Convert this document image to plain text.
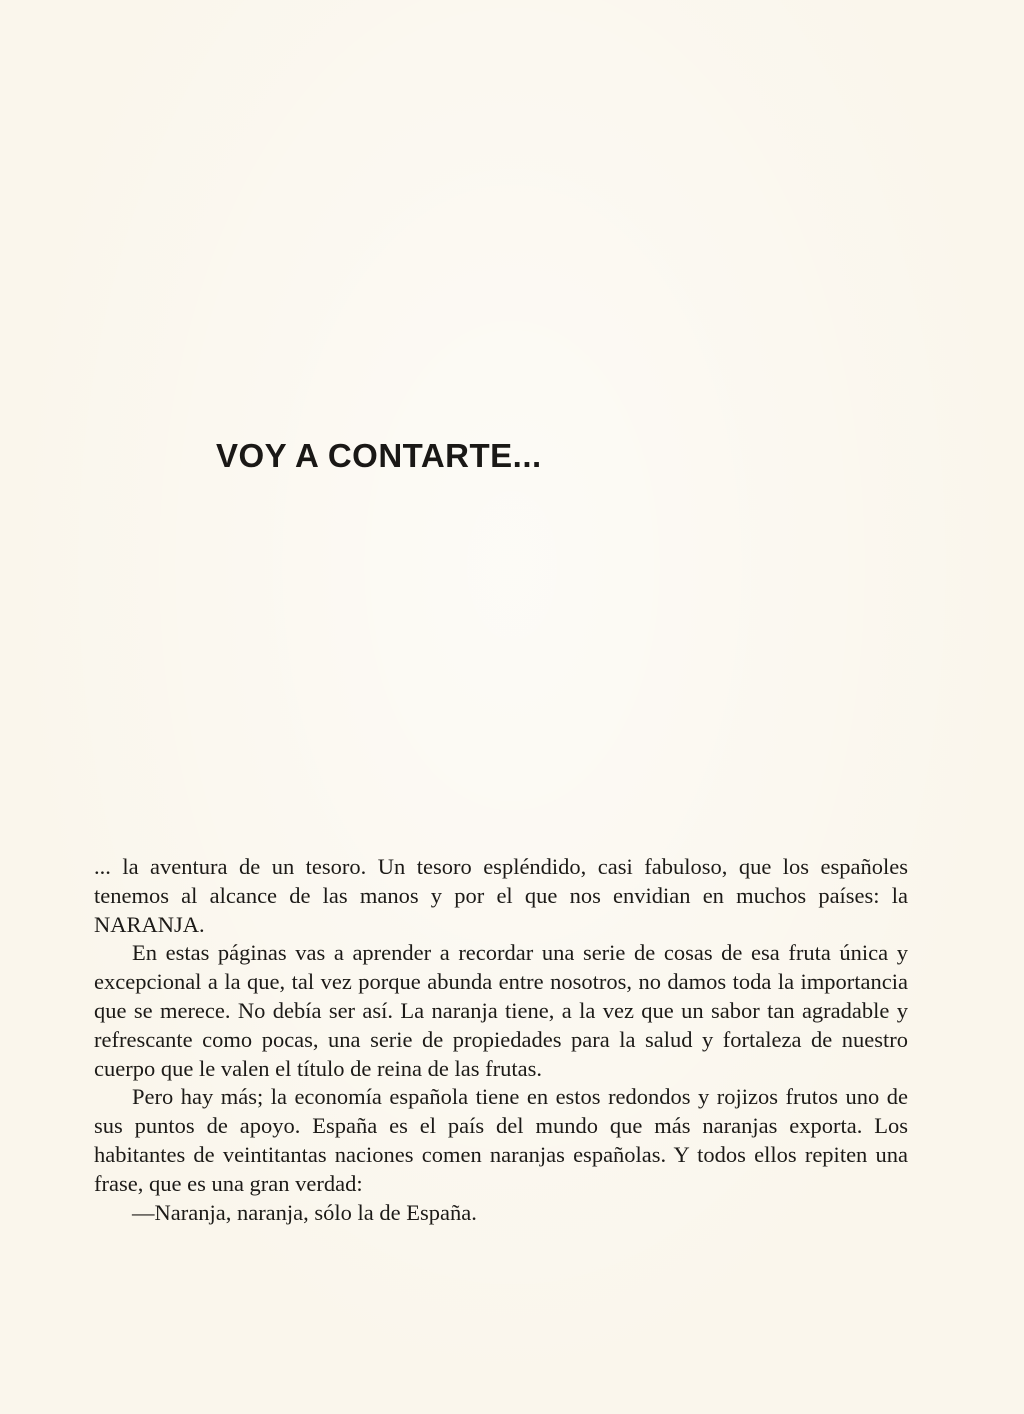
VOY A CONTARTE...

... la aventura de un tesoro. Un tesoro espléndido, casi fabuloso, que los españoles tenemos al alcance de las manos y por el que nos envidian en muchos países: la NARANJA.

En estas páginas vas a aprender a recordar una serie de cosas de esa fruta única y excepcional a la que, tal vez porque abunda entre nosotros, no damos toda la importancia que se merece. No debía ser así. La naranja tiene, a la vez que un sabor tan agradable y refrescante como pocas, una serie de propiedades para la salud y fortaleza de nuestro cuerpo que le valen el título de reina de las frutas.

Pero hay más; la economía española tiene en estos redondos y rojizos frutos uno de sus puntos de apoyo. España es el país del mundo que más naranjas exporta. Los habitantes de veintitantas naciones comen naranjas españolas. Y todos ellos repiten una frase, que es una gran verdad:

—Naranja, naranja, sólo la de España.
